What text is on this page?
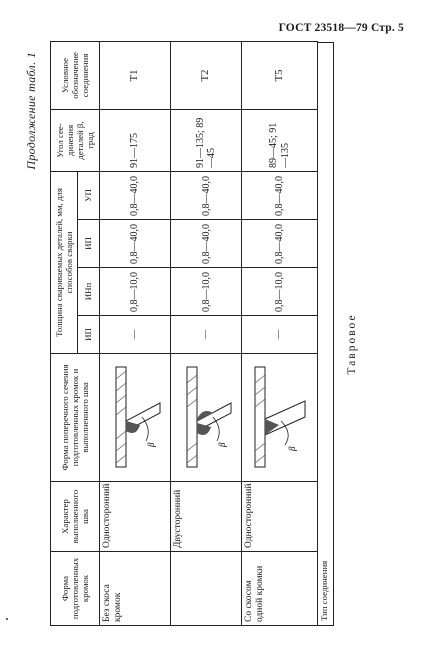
ГОСТ 23518—79 Стр. 5
Продолжение табл. 1
Форма подготовленных кромок	Характер выполненного шва	Форма поперечного сечения подготовленных кромок и выполненного шва	Толщина свариваемых деталей, мм, для способов сварки				Угол сеединения деталей β, град	Условное обозначение соединения
			ИП	ИНп	ИП	УП		
Без скоса кромок	Односторонний	β	—	0,8—10,0	0,8—40,0	0,8—40,0	91—175	Т1
	Двусторонний	β	—	0,8—10,0	0,8—40,0	0,8—40,0	91—135; 89—45	Т2
Со скосом одной кромки	Односторонний	β	—	0,8—10,0	0,8—40,0	0,8—40,0	89—45; 91—135	Т5
Тип соединения
Тавровое
